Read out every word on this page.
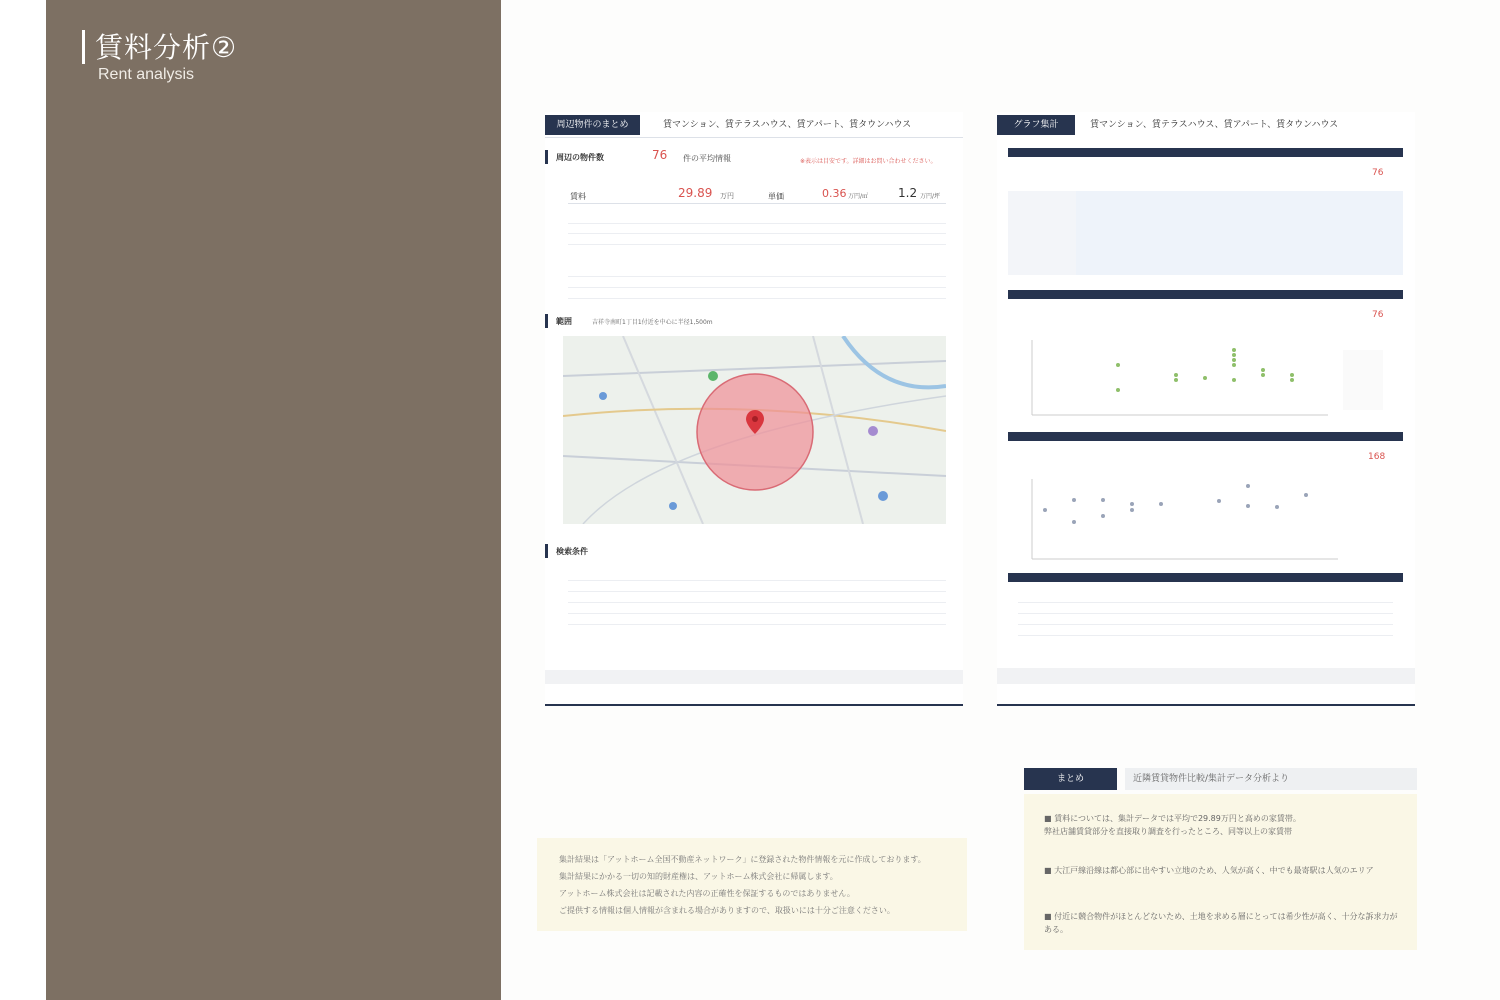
賃料分析②
Rent analysis
周辺物件のまとめ	賃マンション、賃テラスハウス、賃アパート、賃タウンハウス
周辺の物件数	76 件の平均情報	※表示は目安です。詳細はお問い合わせください。
賃料	29.89 万円	単価	0.36 万円/㎡ 1.2 万円/坪
範囲	吉祥寺南町1丁目1付近を中心に半径1,500m
検索条件
グラフ集計	賃マンション、賃テラスハウス、賃アパート、賃タウンハウス
76
76
168
集計結果は「アットホーム全国不動産ネットワーク」に登録された物件情報を元に作成しております。
集計結果にかかる一切の知的財産権は、アットホーム株式会社に帰属します。
アットホーム株式会社は記載された内容の正確性を保証するものではありません。
ご提供する情報は個人情報が含まれる場合がありますので、取扱いには十分ご注意ください。
まとめ	近隣賃貸物件比較/集計データ分析より
■ 賃料については、集計データでは平均で29.89万円と高めの家賃帯。
弊社店舗賃貸部分を直接取り調査を行ったところ、同等以上の家賃帯
■ 大江戸線沿線は都心部に出やすい立地のため、人気が高く、中でも最寄駅は人気のエリア
■ 付近に競合物件がほとんどないため、土地を求める層にとっては希少性が高く、十分な訴求力がある。
